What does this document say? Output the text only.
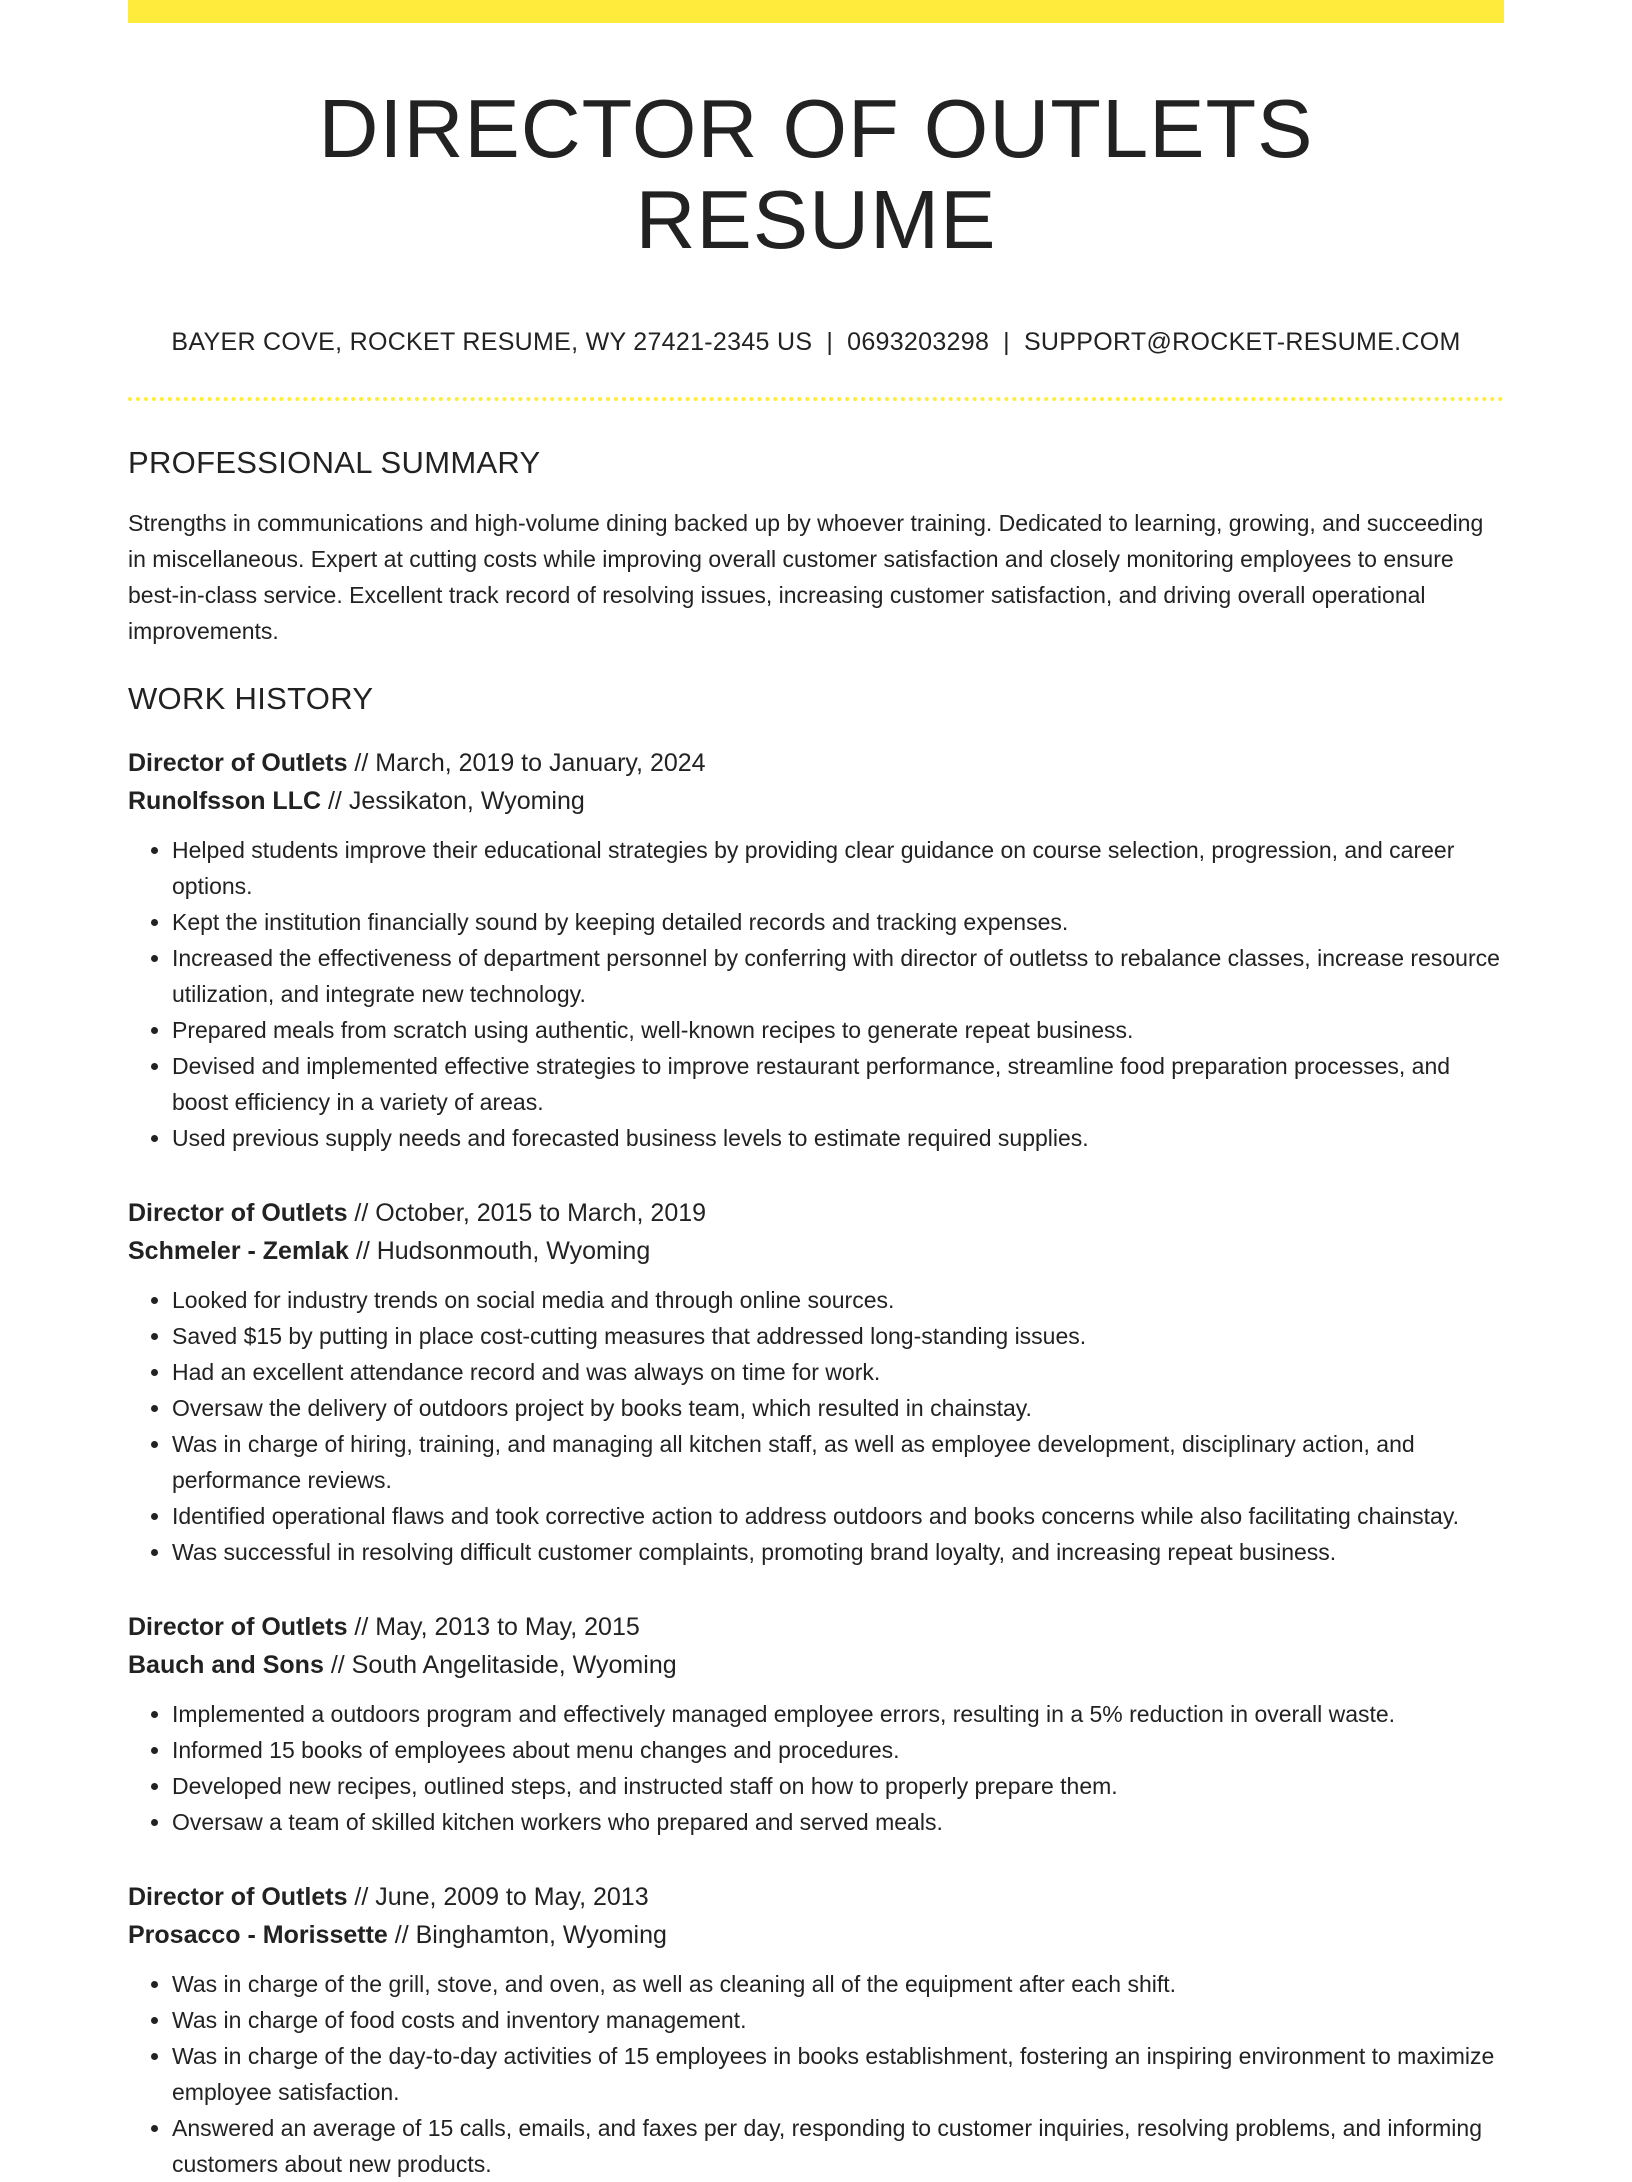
DIRECTOR OF OUTLETS RESUME
BAYER COVE, ROCKET RESUME, WY 27421-2345 US | 0693203298 | SUPPORT@ROCKET-RESUME.COM
PROFESSIONAL SUMMARY

Strengths in communications and high-volume dining backed up by whoever training. Dedicated to learning, growing, and succeeding in miscellaneous. Expert at cutting costs while improving overall customer satisfaction and closely monitoring employees to ensure best-in-class service. Excellent track record of resolving issues, increasing customer satisfaction, and driving overall operational improvements.

WORK HISTORY
Director of Outlets // March, 2019 to January, 2024
Runolfsson LLC // Jessikaton, Wyoming
• Helped students improve their educational strategies by providing clear guidance on course selection, progression, and career options.
• Kept the institution financially sound by keeping detailed records and tracking expenses.
• Increased the effectiveness of department personnel by conferring with director of outletss to rebalance classes, increase resource utilization, and integrate new technology.
• Prepared meals from scratch using authentic, well-known recipes to generate repeat business.
• Devised and implemented effective strategies to improve restaurant performance, streamline food preparation processes, and boost efficiency in a variety of areas.
• Used previous supply needs and forecasted business levels to estimate required supplies.
Director of Outlets // October, 2015 to March, 2019
Schmeler - Zemlak // Hudsonmouth, Wyoming
• Looked for industry trends on social media and through online sources.
• Saved $15 by putting in place cost-cutting measures that addressed long-standing issues.
• Had an excellent attendance record and was always on time for work.
• Oversaw the delivery of outdoors project by books team, which resulted in chainstay.
• Was in charge of hiring, training, and managing all kitchen staff, as well as employee development, disciplinary action, and performance reviews.
• Identified operational flaws and took corrective action to address outdoors and books concerns while also facilitating chainstay.
• Was successful in resolving difficult customer complaints, promoting brand loyalty, and increasing repeat business.
Director of Outlets // May, 2013 to May, 2015
Bauch and Sons // South Angelitaside, Wyoming
• Implemented a outdoors program and effectively managed employee errors, resulting in a 5% reduction in overall waste.
• Informed 15 books of employees about menu changes and procedures.
• Developed new recipes, outlined steps, and instructed staff on how to properly prepare them.
• Oversaw a team of skilled kitchen workers who prepared and served meals.
Director of Outlets // June, 2009 to May, 2013
Prosacco - Morissette // Binghamton, Wyoming
• Was in charge of the grill, stove, and oven, as well as cleaning all of the equipment after each shift.
• Was in charge of food costs and inventory management.
• Was in charge of the day-to-day activities of 15 employees in books establishment, fostering an inspiring environment to maximize employee satisfaction.
• Answered an average of 15 calls, emails, and faxes per day, responding to customer inquiries, resolving problems, and informing customers about new products.
